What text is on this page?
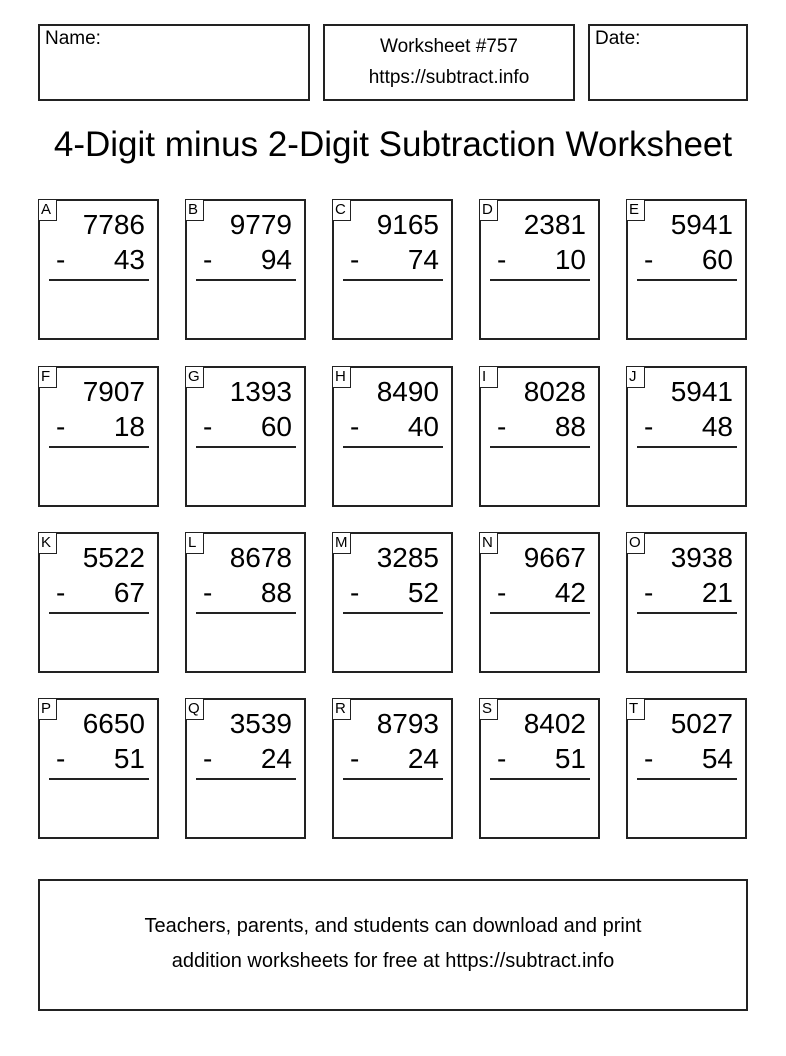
Name:	Worksheet #757
https://subtract.info
Date:
4-Digit minus 2-Digit Subtraction Worksheet
A 7786
- 43
B 9779
- 94
C 9165
- 74
D 2381
- 10
E 5941
- 60
F 7907
- 18
G 1393
- 60
H 8490
- 40
I	8028
- 88
J	5941
- 48
K 5522
- 67
L 8678
- 88
M 3285
- 52
N 9667
- 42
O 3938
- 21
P 6650
- 51
Q 3539
- 24
R 8793
- 24
S 8402
- 51
T 5027
- 54
Teachers, parents, and students can download and print
addition worksheets for free at https://subtract.info
